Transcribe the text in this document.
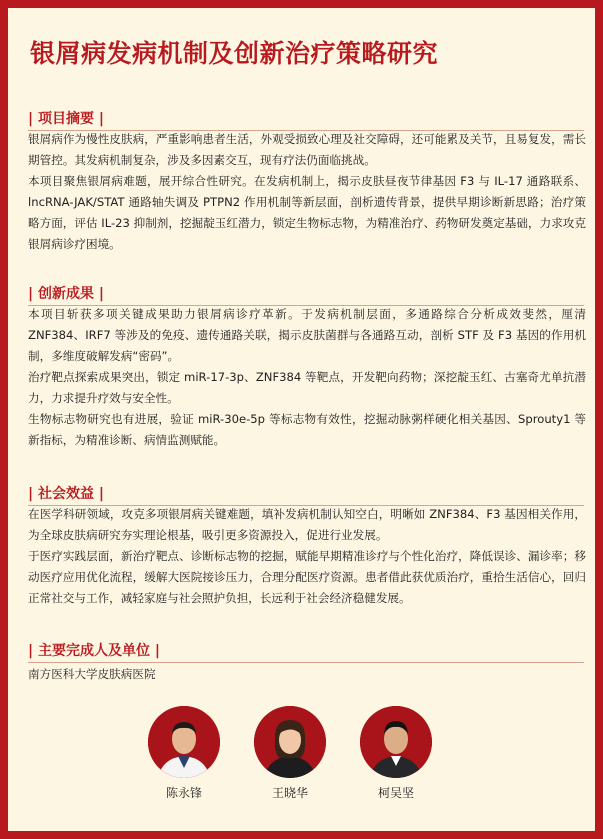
银屑病发病机制及创新治疗策略研究
| 项目摘要 |

银屑病作为慢性皮肤病，严重影响患者生活，外观受损致心理及社交障碍，还可能累及关节，且易复发，需长期管控。其发病机制复杂，涉及多因素交互，现有疗法仍面临挑战。

本项目聚焦银屑病难题，展开综合性研究。在发病机制上，揭示皮肤昼夜节律基因 F3 与 IL-17 通路联系、lncRNA-JAK/STAT 通路轴失调及 PTPN2 作用机制等新层面，剖析遗传背景，提供早期诊断新思路；治疗策略方面，评估 IL-23 抑制剂，挖掘靛玉红潜力，锁定生物标志物，为精准治疗、药物研发奠定基础，力求攻克银屑病诊疗困境。

| 创新成果 |

本项目斩获多项关键成果助力银屑病诊疗革新。于发病机制层面，多通路综合分析成效斐然，厘清 ZNF384、IRF7 等涉及的免疫、遗传通路关联，揭示皮肤菌群与各通路互动，剖析 STF 及 F3 基因的作用机制，多维度破解发病“密码”。

治疗靶点探索成果突出，锁定 miR-17-3p、ZNF384 等靶点，开发靶向药物；深挖靛玉红、古塞奇尤单抗潜力，力求提升疗效与安全性。

生物标志物研究也有进展，验证 miR-30e-5p 等标志物有效性，挖掘动脉粥样硬化相关基因、Sprouty1 等新指标，为精准诊断、病情监测赋能。

| 社会效益 |

在医学科研领域，攻克多项银屑病关键难题，填补发病机制认知空白，明晰如 ZNF384、F3 基因相关作用，为全球皮肤病研究夯实理论根基，吸引更多资源投入，促进行业发展。

于医疗实践层面，新治疗靶点、诊断标志物的挖掘，赋能早期精准诊疗与个性化治疗，降低误诊、漏诊率；移动医疗应用优化流程，缓解大医院接诊压力，合理分配医疗资源。患者借此获优质治疗，重拾生活信心，回归正常社交与工作，减轻家庭与社会照护负担，长远利于社会经济稳健发展。

| 主要完成人及单位 |
南方医科大学皮肤病医院
陈永锋	王晓华	柯吴坚
